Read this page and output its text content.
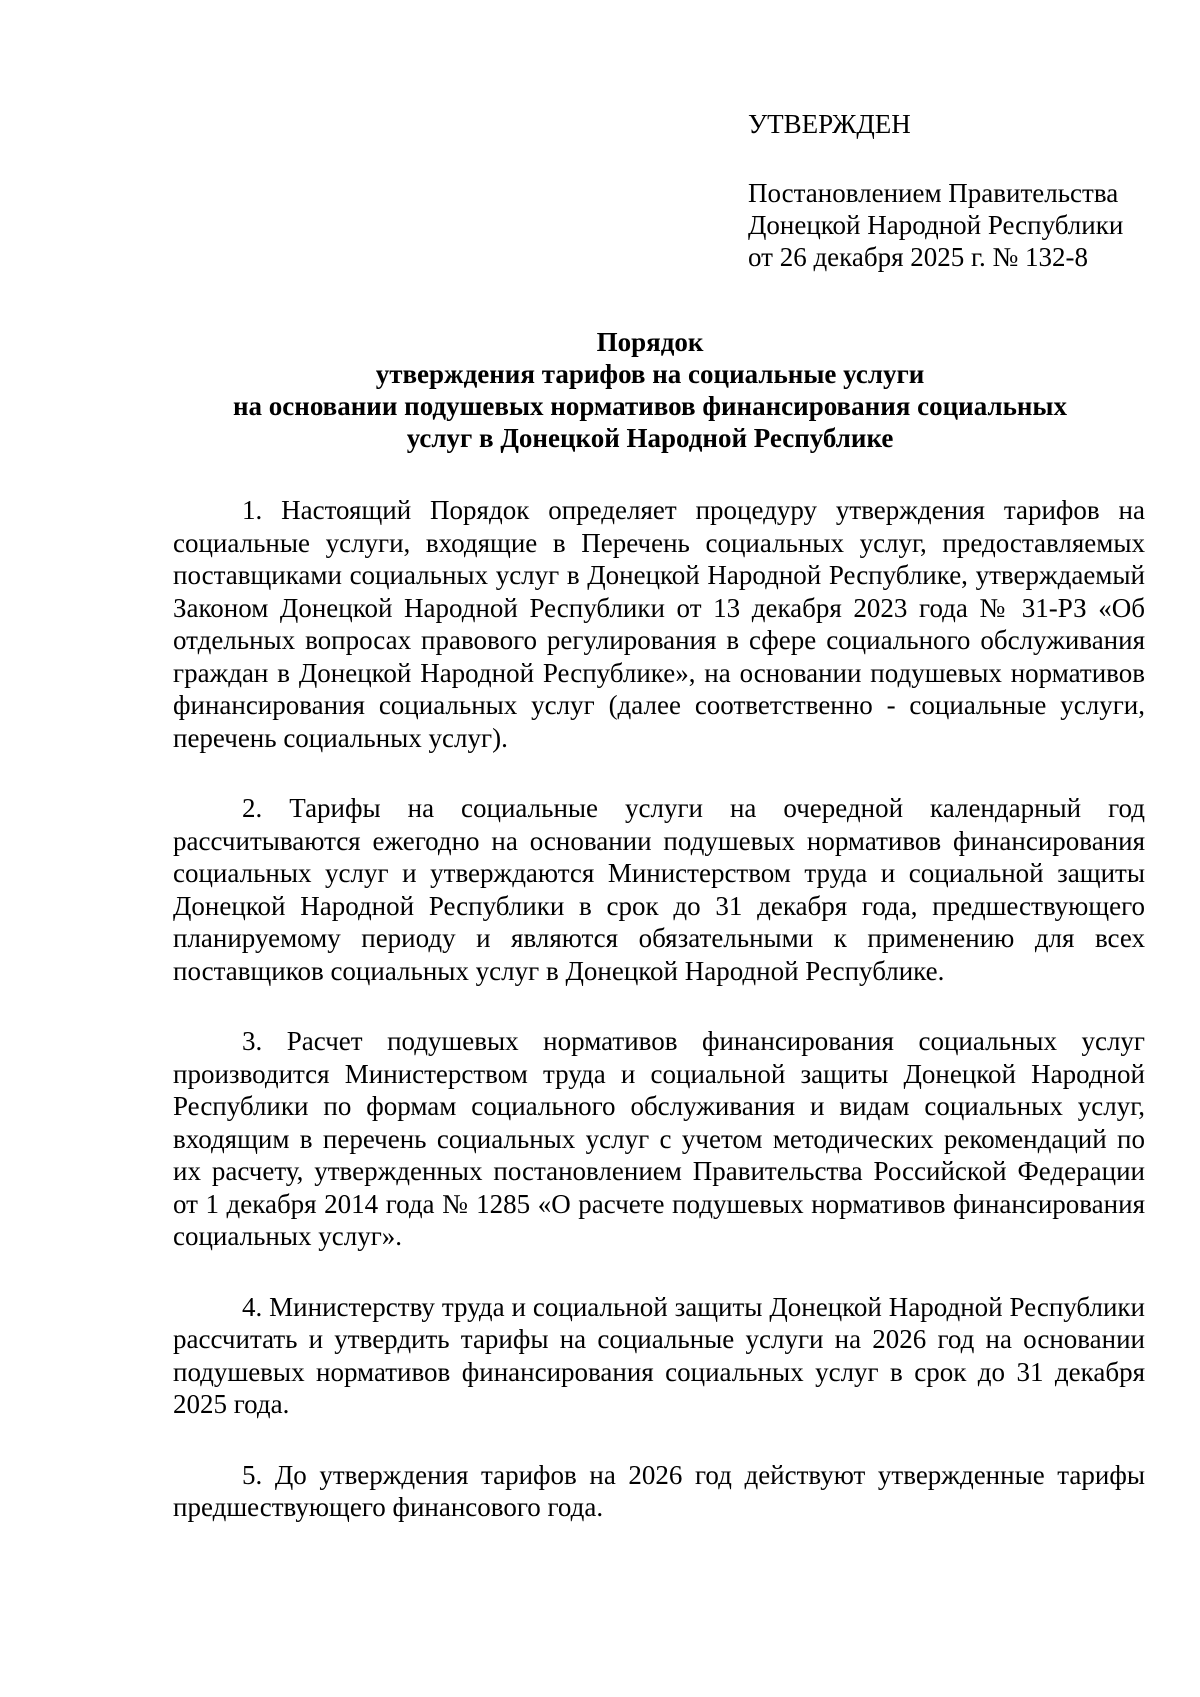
УТВЕРЖДЕН
Постановлением Правительства
Донецкой Народной Республики
от 26 декабря 2025 г. № 132-8
Порядок
утверждения тарифов на социальные услуги
на основании подушевых нормативов финансирования социальных
услуг в Донецкой Народной Республике

1. Настоящий Порядок определяет процедуру утверждения тарифов на социальные услуги, входящие в Перечень социальных услуг, предоставляемых поставщиками социальных услуг в Донецкой Народной Республике, утверждаемый Законом Донецкой Народной Республики от 13 декабря 2023 года № 31-РЗ «Об отдельных вопросах правового регулирования в сфере социального обслуживания граждан в Донецкой Народной Республике», на основании подушевых нормативов финансирования социальных услуг (далее соответственно - социальные услуги, перечень социальных услуг).

2. Тарифы на социальные услуги на очередной календарный год рассчитываются ежегодно на основании подушевых нормативов финансирования социальных услуг и утверждаются Министерством труда и социальной защиты Донецкой Народной Республики в срок до 31 декабря года, предшествующего планируемому периоду и являются обязательными к применению для всех поставщиков социальных услуг в Донецкой Народной Республике.

3. Расчет подушевых нормативов финансирования социальных услуг производится Министерством труда и социальной защиты Донецкой Народной Республики по формам социального обслуживания и видам социальных услуг, входящим в перечень социальных услуг с учетом методических рекомендаций по их расчету, утвержденных постановлением Правительства Российской Федерации от 1 декабря 2014 года № 1285 «О расчете подушевых нормативов финансирования социальных услуг».

4. Министерству труда и социальной защиты Донецкой Народной Республики рассчитать и утвердить тарифы на социальные услуги на 2026 год на основании подушевых нормативов финансирования социальных услуг в срок до 31 декабря 2025 года.

5. До утверждения тарифов на 2026 год действуют утвержденные тарифы предшествующего финансового года.
